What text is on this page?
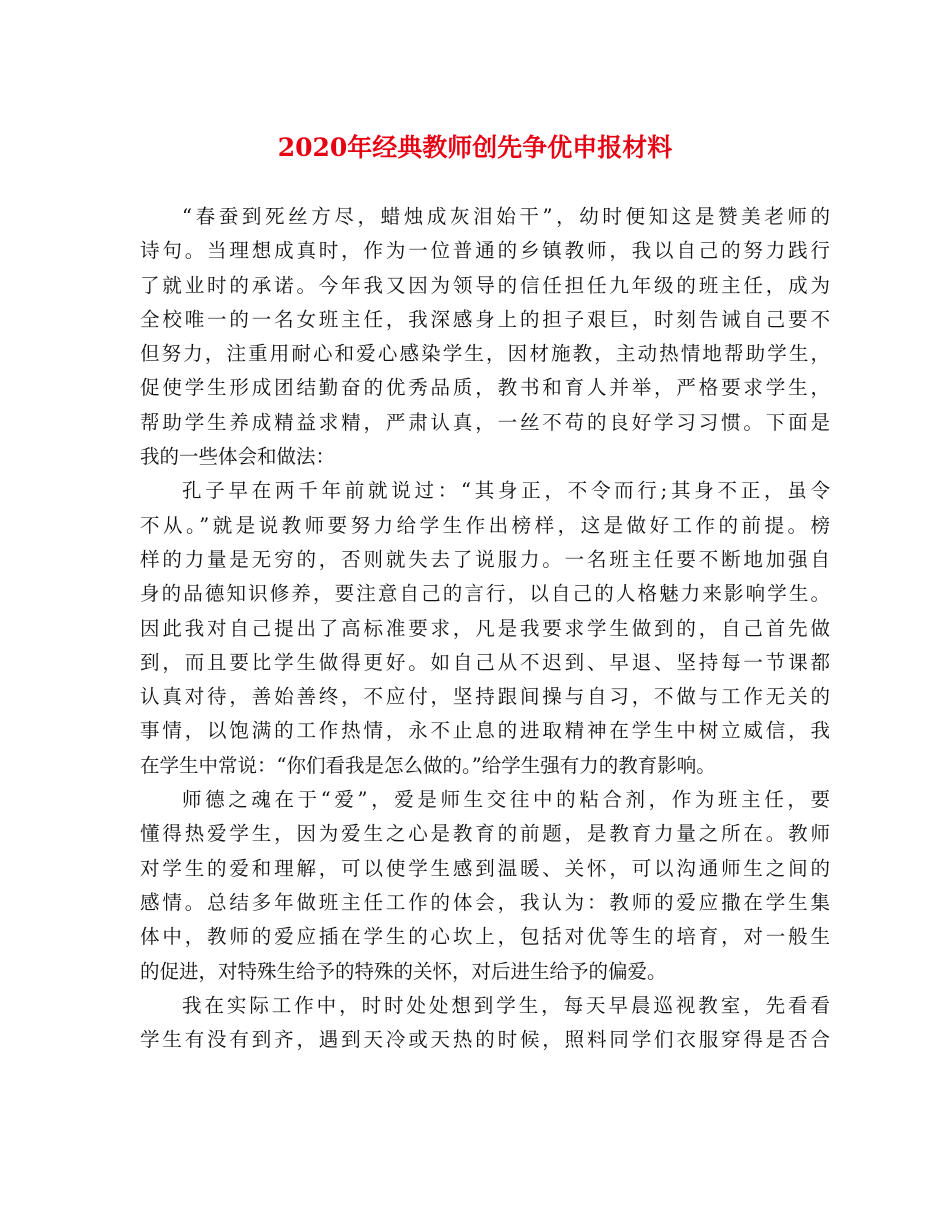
2020年经典教师创先争优申报材料
“春蚕到死丝方尽，蜡烛成灰泪始干”，幼时便知这是赞美老师的
诗句。当理想成真时，作为一位普通的乡镇教师，我以自己的努力践行
了就业时的承诺。今年我又因为领导的信任担任九年级的班主任，成为
全校唯一的一名女班主任，我深感身上的担子艰巨，时刻告诫自己要不
但努力，注重用耐心和爱心感染学生，因材施教，主动热情地帮助学生，
促使学生形成团结勤奋的优秀品质，教书和育人并举，严格要求学生，
帮助学生养成精益求精，严肃认真，一丝不苟的良好学习习惯。下面是
我的一些体会和做法：
孔子早在两千年前就说过：“其身正，不令而行;其身不正，虽令
不从。”就是说教师要努力给学生作出榜样，这是做好工作的前提。榜
样的力量是无穷的，否则就失去了说服力。一名班主任要不断地加强自
身的品德知识修养，要注意自己的言行，以自己的人格魅力来影响学生。
因此我对自己提出了高标准要求，凡是我要求学生做到的，自己首先做
到，而且要比学生做得更好。如自己从不迟到、早退、坚持每一节课都
认真对待，善始善终，不应付，坚持跟间操与自习，不做与工作无关的
事情，以饱满的工作热情，永不止息的进取精神在学生中树立威信，我
在学生中常说：“你们看我是怎么做的。”给学生强有力的教育影响。
师德之魂在于“爱”，爱是师生交往中的粘合剂，作为班主任，要
懂得热爱学生，因为爱生之心是教育的前题，是教育力量之所在。教师
对学生的爱和理解，可以使学生感到温暖、关怀，可以沟通师生之间的
感情。总结多年做班主任工作的体会，我认为：教师的爱应撒在学生集
体中，教师的爱应插在学生的心坎上，包括对优等生的培育，对一般生
的促进，对特殊生给予的特殊的关怀，对后进生给予的偏爱。
我在实际工作中，时时处处想到学生，每天早晨巡视教室，先看看
学生有没有到齐，遇到天冷或天热的时候，照料同学们衣服穿得是否合
